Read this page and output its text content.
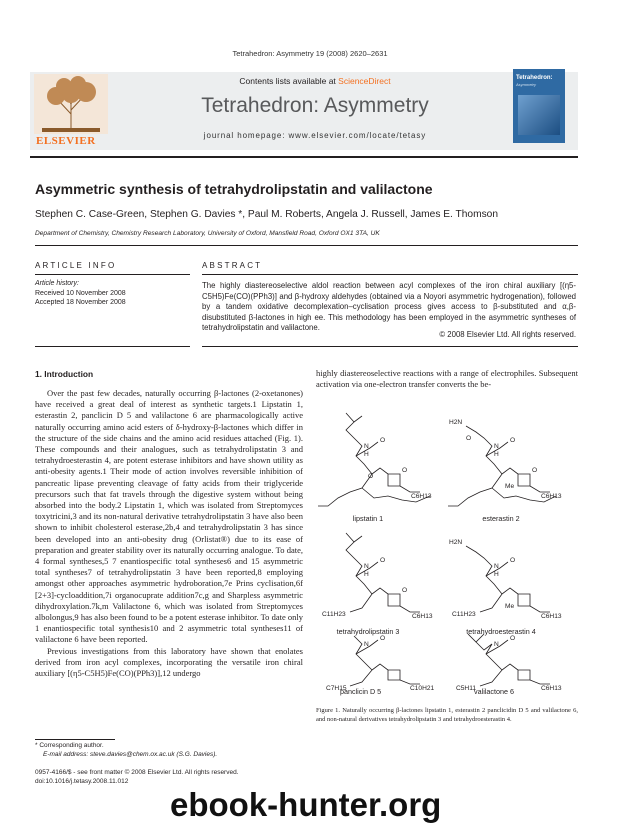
Tetrahedron: Asymmetry 19 (2008) 2620–2631
ELSEVIER
Contents lists available at ScienceDirect
Tetrahedron: Asymmetry
journal homepage: www.elsevier.com/locate/tetasy
Tetrahedron:
Asymmetry
Asymmetric synthesis of tetrahydrolipstatin and valilactone
Stephen C. Case-Green, Stephen G. Davies *, Paul M. Roberts, Angela J. Russell, James E. Thomson
Department of Chemistry, Chemistry Research Laboratory, University of Oxford, Mansfield Road, Oxford OX1 3TA, UK
ARTICLE INFO
Article history:
Received 10 November 2008
Accepted 18 November 2008
ABSTRACT
The highly diastereoselective aldol reaction between acyl complexes of the iron chiral auxiliary [(η5-C5H5)Fe(CO)(PPh3)] and β-hydroxy aldehydes (obtained via a Noyori asymmetric hydrogenation), followed by a tandem oxidative decomplexation–cyclisation process gives access to β-substituted and α,β-disubstituted β-lactones in high ee. This methodology has been employed in the asymmetric syntheses of tetrahydrolipstatin and valilactone.
© 2008 Elsevier Ltd. All rights reserved.
1. Introduction

Over the past few decades, naturally occurring β-lactones (2-oxetanones) have received a great deal of interest as synthetic targets.1 Lipstatin 1, esterastin 2, panclicin D 5 and valilactone 6 are pharmacologically active naturally occurring amino acid esters of δ-hydroxy-β-lactones which differ in the structure of the side chains and the amino acid residues attached (Fig. 1). These compounds and their analogues, such as tetrahydrolipstatin 3 and tetrahydroesterastin 4, are potent esterase inhibitors and have shown utility as anti-obesity agents.1 Their mode of action involves reversible inhibition of pancreatic lipase preventing cleavage of fatty acids from their triglyceride precursors such that fat travels through the digestive system without being absorbed into the body.2 Lipstatin 1, which was isolated from Streptomyces toxytricini,3 and its non-natural derivative tetrahydrolipstatin 3 have also been shown to inhibit cholesterol esterase,2b,4 and tetrahydrolipstatin 3 has since been developed into an anti-obesity drug (Orlistat®) due to its ease of preparation and greater stability over its naturally occurring analogue. To date, 4 formal syntheses,5 7 enantiospecific total syntheses6 and 15 asymmetric total syntheses7 of tetrahydrolipstatin 3 have been reported,8 employing amongst other approaches asymmetric hydroboration,7e Prins cyclisation,6f [2+3]-cycloaddition,7i organocuprate addition7c,g and Sharpless asymmetric dihydroxylation.7k,m Valilactone 6, which was isolated from Streptomyces albolongus,9 has also been found to be a potent esterase inhibitor. To date only 1 enantiospecific total synthesis10 and 2 asymmetric total syntheses11 of valilactone 6 have been reported.

Previous investigations from this laboratory have shown that enolates derived from iron acyl complexes, incorporating the versatile iron chiral auxiliary [(η5-C5H5)Fe(CO)(PPh3)],12 undergo

highly diastereoselective reactions with a range of electrophiles. Subsequent activation via one-electron transfer converts the be-
N
H
O
O
O
C6H13
H2N
O
N
H
O
Me
O
C6H13
N
H
O
O
C11H23	C6H13
H2N
N
H
O
Me
C11H23	C6H13
N
O
C7H15	C10H21
N
O
C5H11	C6H13
lipstatin 1	esterastin 2
tetrahydrolipstatin 3	tetrahydroesterastin 4
panclicin D 5	valilactone 6
Figure 1. Naturally occurring β-lactones lipstatin 1, esterastin 2 panclicidin D 5 and valilactone 6, and non-natural derivatives tetrahydrolipstatin 3 and tetrahydroesterastin 4.
* Corresponding author.
E-mail address: steve.davies@chem.ox.ac.uk (S.G. Davies).
0957-4166/$ - see front matter © 2008 Elsevier Ltd. All rights reserved.
doi:10.1016/j.tetasy.2008.11.012
ebook-hunter.org
